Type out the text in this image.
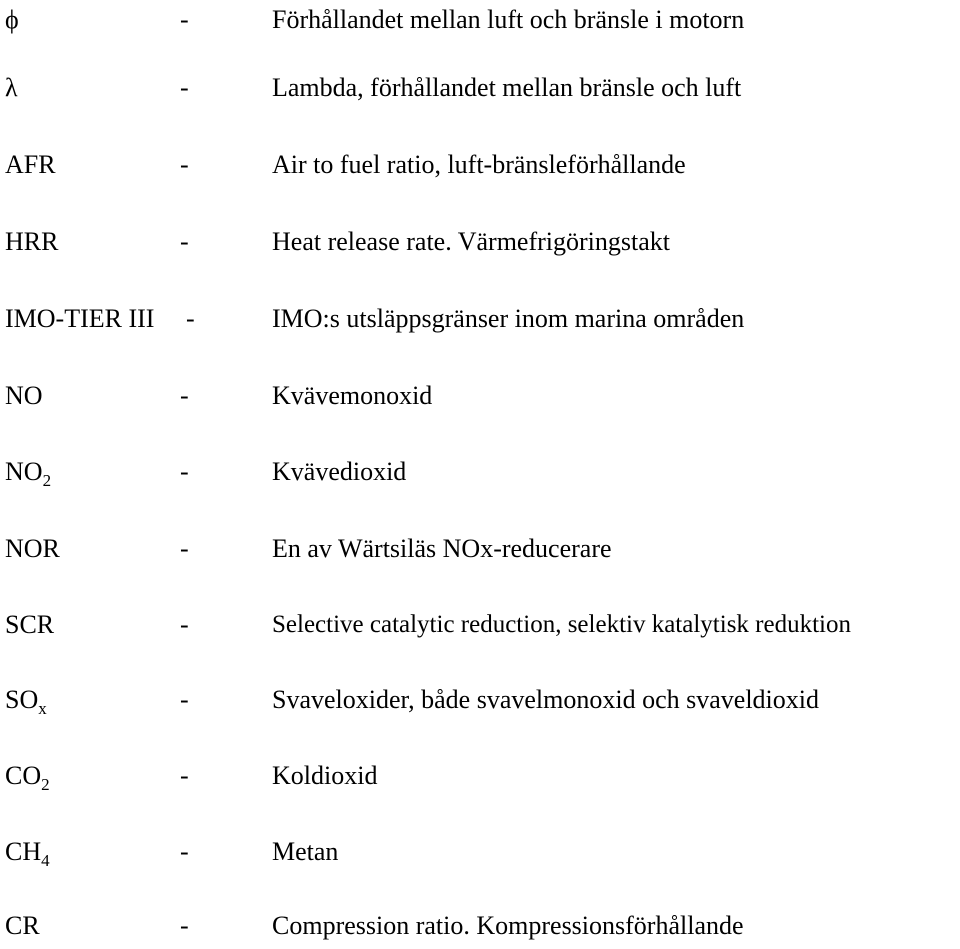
ϕ	-	Förhållandet mellan luft och bränsle i motorn
λ	-	Lambda, förhållandet mellan bränsle och luft
AFR	-	Air to fuel ratio, luft-bränsleförhållande
HRR	-	Heat release rate. Värmefrigöringstakt
IMO-TIER III -	IMO:s utsläppsgränser inom marina områden
NO	-	Kvävemonoxid
$NO_2$	-	Kvävedioxid
NOR	-	En av Wärtsiläs NOx-reducerare
SCR	-	Selective catalytic reduction, selektiv katalytisk reduktion
$SO_x$	-	Svaveloxider, både svavelmonoxid och svaveldioxid
$CO_2$	-	Koldioxid
$CH_4$	-	Metan
CR	-	Compression ratio. Kompressionsförhållande
